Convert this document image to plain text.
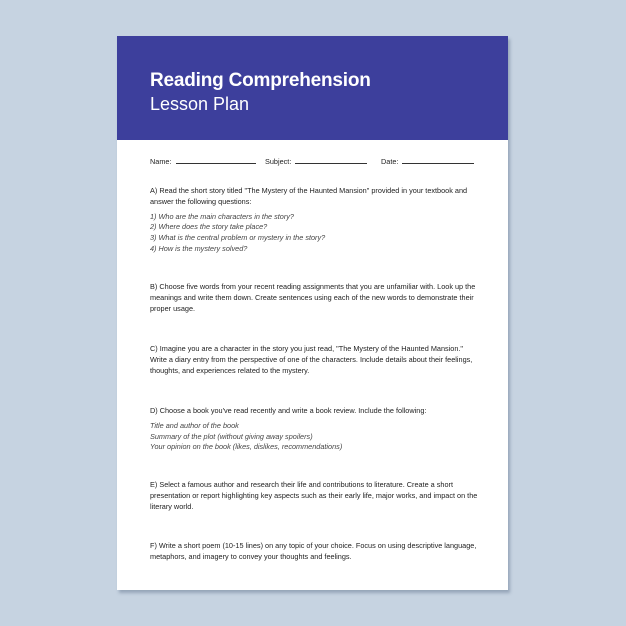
Reading Comprehension
Lesson Plan
Name:	Subject:	Date:

A) Read the short story titled "The Mystery of the Haunted Mansion" provided in your textbook and answer the following questions:

1) Who are the main characters in the story?
2) Where does the story take place?
3) What is the central problem or mystery in the story?
4) How is the mystery solved?

B) Choose five words from your recent reading assignments that you are unfamiliar with. Look up the meanings and write them down. Create sentences using each of the new words to demonstrate their proper usage.

C) Imagine you are a character in the story you just read, "The Mystery of the Haunted Mansion." Write a diary entry from the perspective of one of the characters. Include details about their feelings, thoughts, and experiences related to the mystery.

D) Choose a book you've read recently and write a book review. Include the following:

Title and author of the book
Summary of the plot (without giving away spoilers)
Your opinion on the book (likes, dislikes, recommendations)

E) Select a famous author and research their life and contributions to literature. Create a short presentation or report highlighting key aspects such as their early life, major works, and impact on the literary world.

F) Write a short poem (10-15 lines) on any topic of your choice. Focus on using descriptive language, metaphors, and imagery to convey your thoughts and feelings.
